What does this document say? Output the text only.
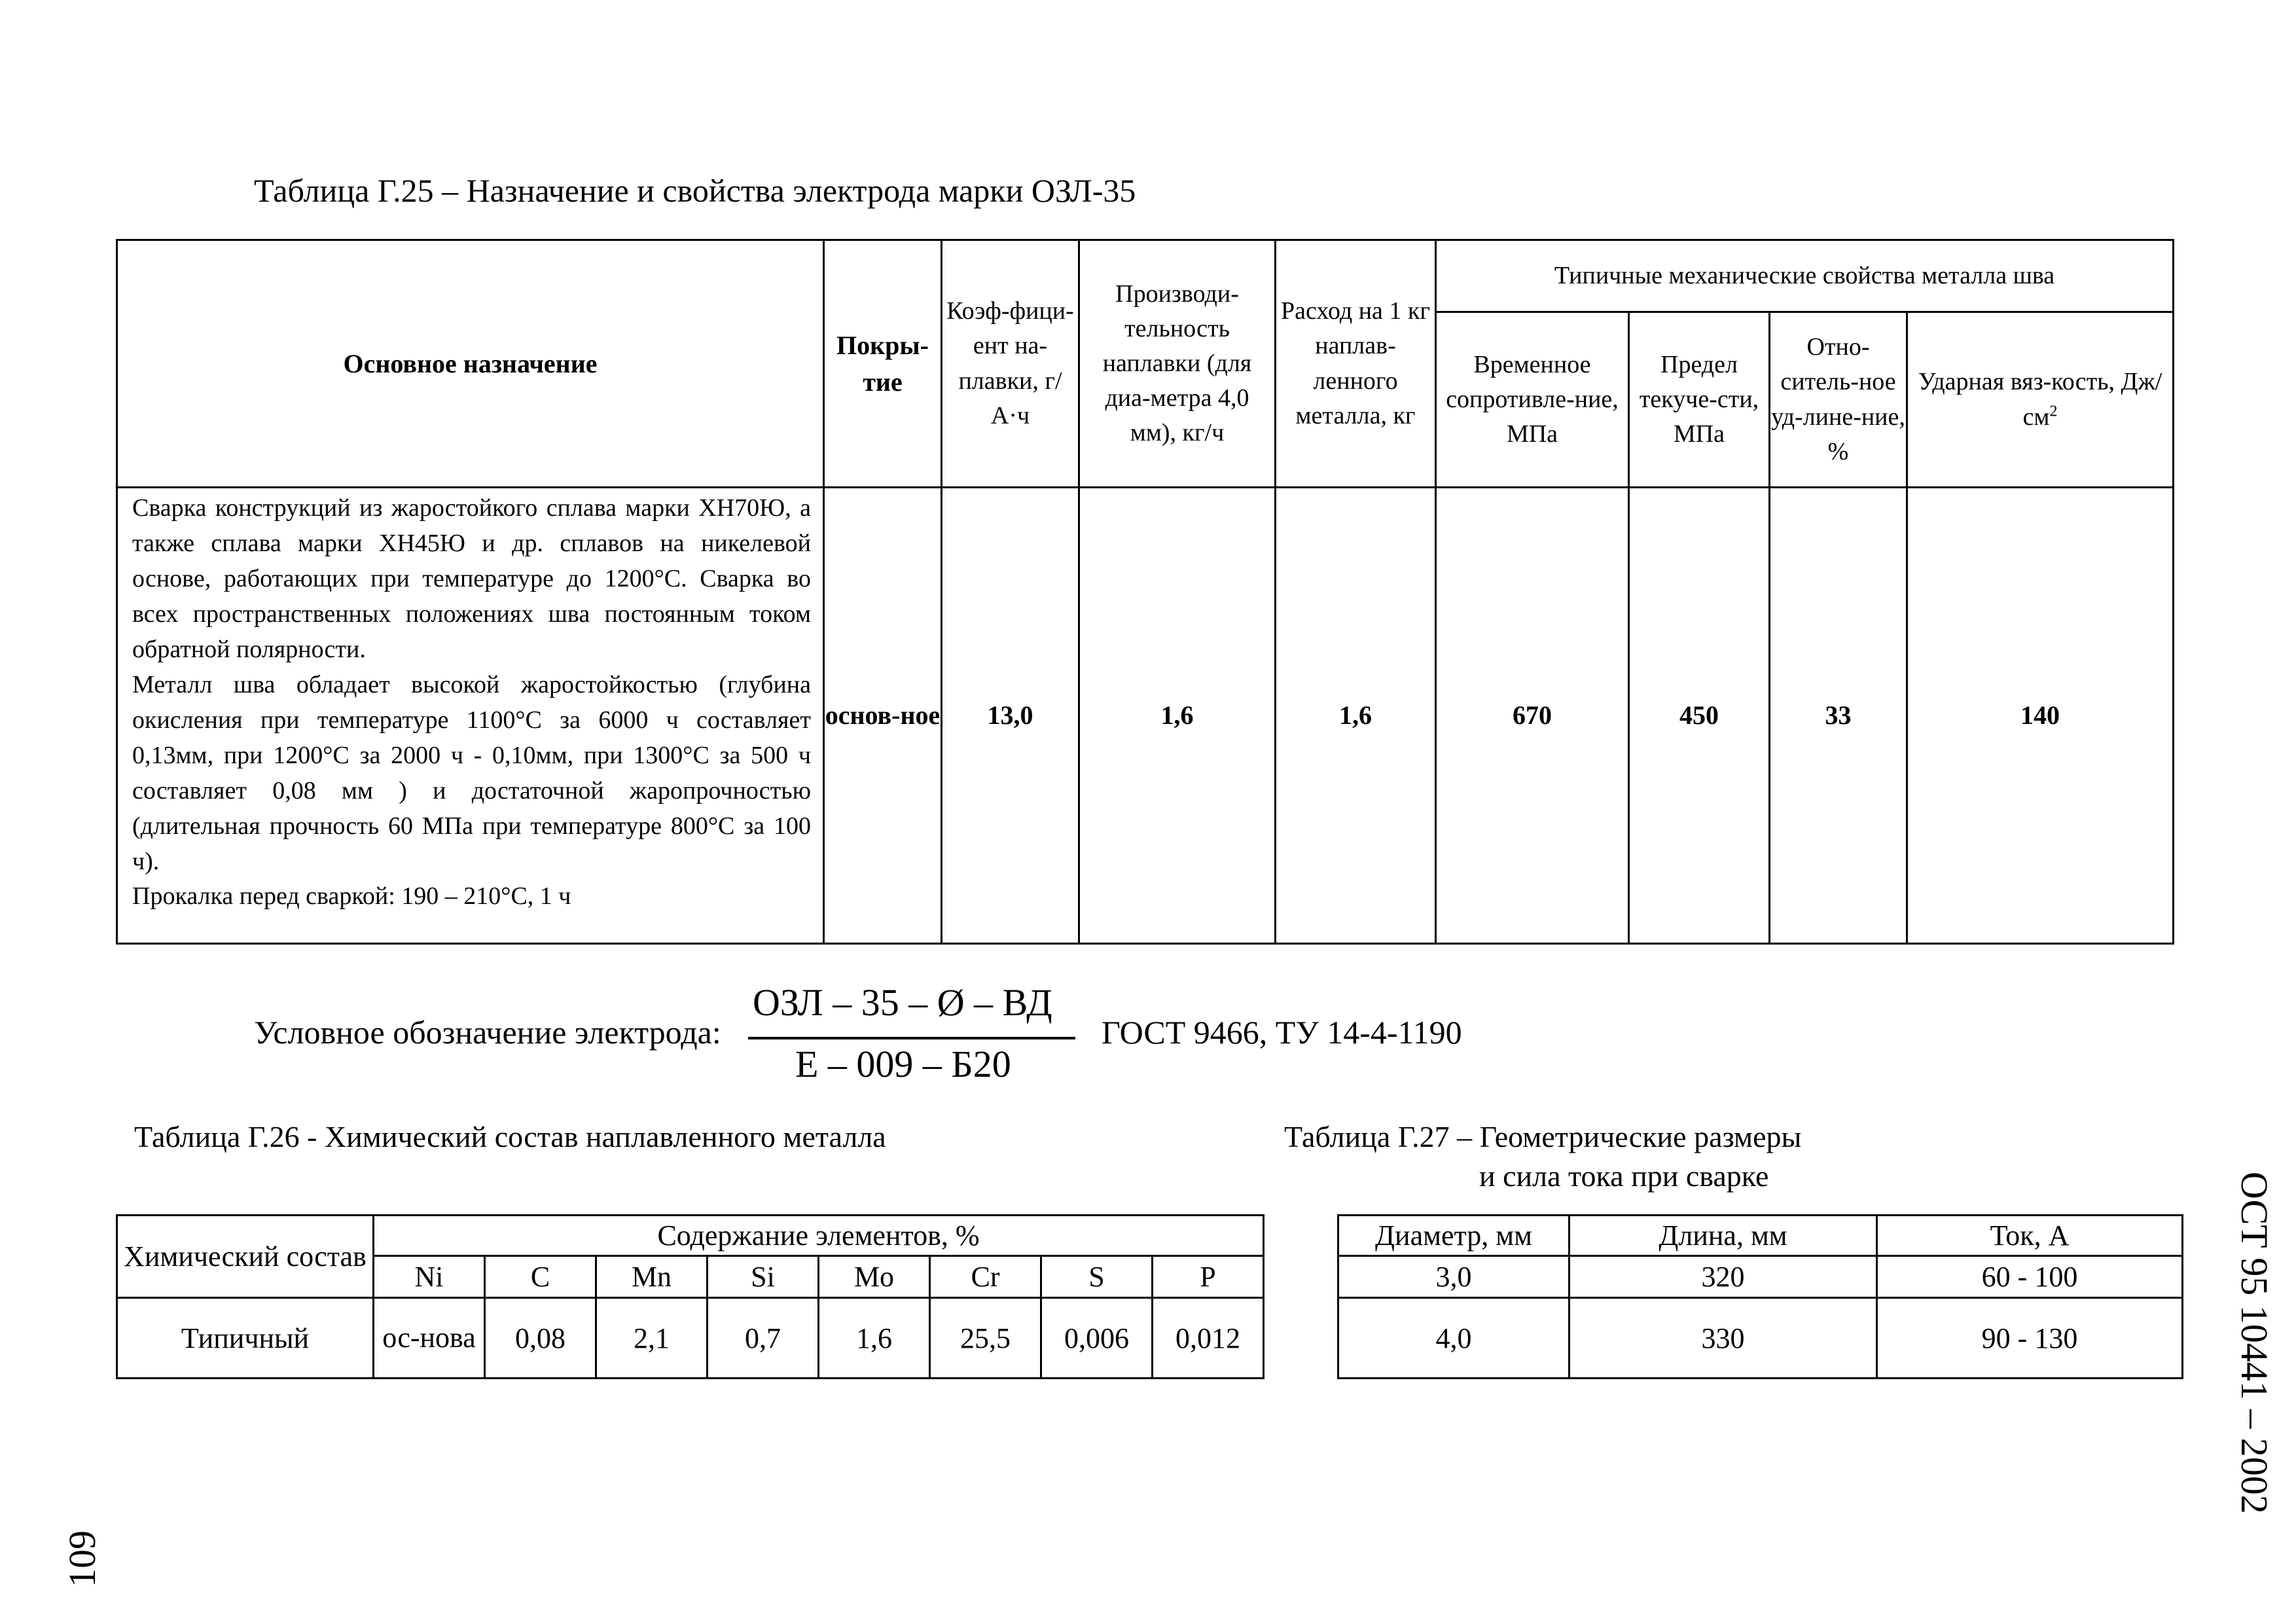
Таблица Г.25 – Назначение и свойства электрода марки ОЗЛ-35
Основное назначение	Покры-тие	Коэф-фици-ент на-плавки, г/А·ч	Производи-тельность наплавки (для диа-метра 4,0 мм), кг/ч	Расход на 1 кг наплав-ленного металла, кг	Типичные механические свойства металла шва			
					Временное сопротивле-ние, МПа	Предел текуче-сти, МПа	Отно-ситель-ное уд-лине-ние, %	Ударная вяз-кость, $Дж/см^2$

Сварка конструкций из жаростойкого сплава марки ХН70Ю, а также сплава марки ХН45Ю и др. сплавов на никелевой основе, работающих при температуре до 1200°С. Сварка во всех пространственных положениях шва постоянным током обратной полярности.
Металл шва обладает высокой жаростойкостью (глубина окисления при температуре 1100°С за 6000 ч составляет 0,13мм, при 1200°С за 2000 ч - 0,10мм, при 1300°С за 500 ч составляет 0,08 мм ) и достаточной жаропрочностью (длительная прочность 60 МПа при температуре 800°С за 100 ч).
Прокалка перед сваркой: 190 – 210°С, 1 ч	основ-ное	13,0	1,6	1,6	670	450	33	140
Условное обозначение электрода:
ОЗЛ – 35 – Ø – ВД
Е – 009 – Б20
ГОСТ 9466, ТУ 14-4-1190
Таблица Г.26 - Химический состав наплавленного металла
Химический состав	Содержание элементов, %							
	Ni	C	Mn	Si	Mo	Cr	S	P
Типичный	ос-нова	0,08	2,1	0,7	1,6	25,5	0,006	0,012
Таблица Г.27 – Геометрические размеры
и сила тока при сварке
Диаметр, мм	Длина, мм	Ток, А
3,0	320	60 - 100
4,0	330	90 - 130
109
ОСТ 95 10441 – 2002
